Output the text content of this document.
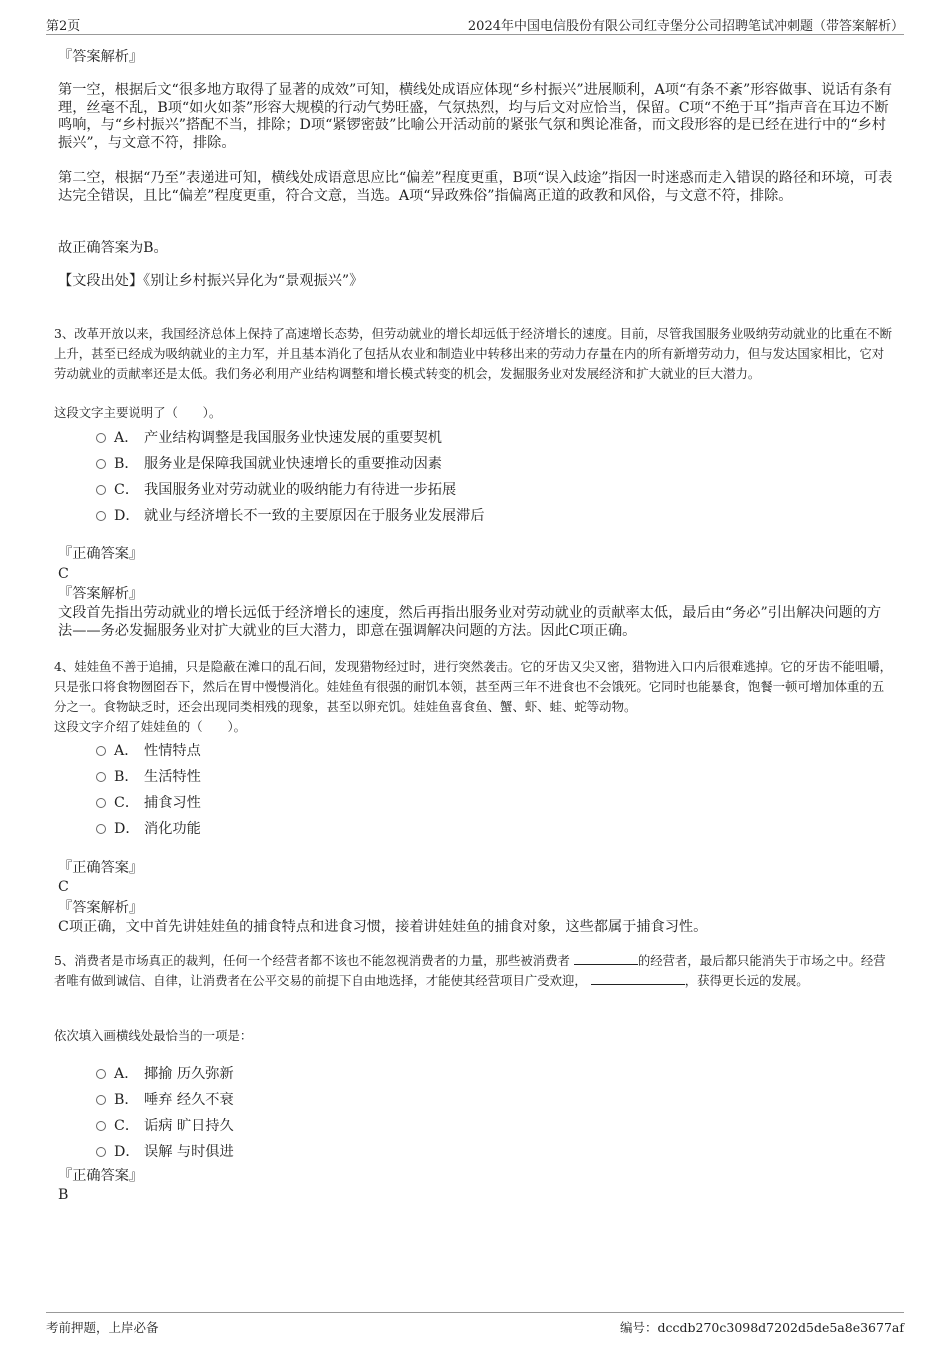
第2页	2024年中国电信股份有限公司红寺堡分公司招聘笔试冲刺题（带答案解析）
『答案解析』
第一空，根据后文“很多地方取得了显著的成效”可知，横线处成语应体现“乡村振兴”进展顺利，A项“有条不紊”形容做事、说话有条有理，丝毫不乱，B项“如火如荼”形容大规模的行动气势旺盛，气氛热烈，均与后文对应恰当，保留。C项“不绝于耳”指声音在耳边不断鸣响，与“乡村振兴”搭配不当，排除；D项“紧锣密鼓”比喻公开活动前的紧张气氛和舆论准备，而文段形容的是已经在进行中的“乡村振兴”，与文意不符，排除。
第二空，根据“乃至”表递进可知，横线处成语意思应比“偏差”程度更重，B项“误入歧途”指因一时迷惑而走入错误的路径和环境，可表达完全错误，且比“偏差”程度更重，符合文意，当选。A项“异政殊俗”指偏离正道的政教和风俗，与文意不符，排除。
故正确答案为B。
【文段出处】《别让乡村振兴异化为“景观振兴”》
3、改革开放以来，我国经济总体上保持了高速增长态势，但劳动就业的增长却远低于经济增长的速度。目前，尽管我国服务业吸纳劳动就业的比重在不断上升，甚至已经成为吸纳就业的主力军，并且基本消化了包括从农业和制造业中转移出来的劳动力存量在内的所有新增劳动力，但与发达国家相比，它对劳动就业的贡献率还是太低。我们务必利用产业结构调整和增长模式转变的机会，发掘服务业对发展经济和扩大就业的巨大潜力。
这段文字主要说明了（　　）。
A． 产业结构调整是我国服务业快速发展的重要契机
B． 服务业是保障我国就业快速增长的重要推动因素
C． 我国服务业对劳动就业的吸纳能力有待进一步拓展
D． 就业与经济增长不一致的主要原因在于服务业发展滞后
『正确答案』
C
『答案解析』
文段首先指出劳动就业的增长远低于经济增长的速度，然后再指出服务业对劳动就业的贡献率太低，最后由“务必”引出解决问题的方法——务必发掘服务业对扩大就业的巨大潜力，即意在强调解决问题的方法。因此C项正确。
4、娃娃鱼不善于追捕，只是隐蔽在滩口的乱石间，发现猎物经过时，进行突然袭击。它的牙齿又尖又密，猎物进入口内后很难逃掉。它的牙齿不能咀嚼，只是张口将食物囫囵吞下，然后在胃中慢慢消化。娃娃鱼有很强的耐饥本领，甚至两三年不进食也不会饿死。它同时也能暴食，饱餐一顿可增加体重的五分之一。食物缺乏时，还会出现同类相残的现象，甚至以卵充饥。娃娃鱼喜食鱼、蟹、虾、蛙、蛇等动物。
这段文字介绍了娃娃鱼的（　　）。
A． 性情特点
B． 生活特性
C． 捕食习性
D． 消化功能
『正确答案』
C
『答案解析』
C项正确，文中首先讲娃娃鱼的捕食特点和进食习惯，接着讲娃娃鱼的捕食对象，这些都属于捕食习性。
5、消费者是市场真正的裁判，任何一个经营者都不该也不能忽视消费者的力量，那些被消费者	的经营者，最后都只能消失于市场之中。经营者唯有做到诚信、自律，让消费者在公平交易的前提下自由地选择，才能使其经营项目广受欢迎，	，获得更长远的发展。
依次填入画横线处最恰当的一项是：
A． 揶揄 历久弥新
B． 唾弃 经久不衰
C． 诟病 旷日持久
D． 误解 与时俱进
『正确答案』
B
考前押题，上岸必备	编号：dccdb270c3098d7202d5de5a8e3677af
